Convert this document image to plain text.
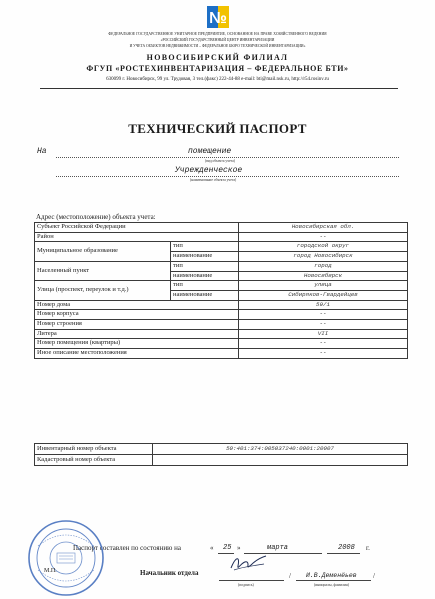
№
ФЕДЕРАЛЬНОЕ ГОСУДАРСТВЕННОЕ УНИТАРНОЕ ПРЕДПРИЯТИЕ, ОСНОВАННОЕ НА ПРАВЕ ХОЗЯЙСТВЕННОГО ВЕДЕНИЯ
«РОССИЙСКИЙ ГОСУДАРСТВЕННЫЙ ЦЕНТР ИНВЕНТАРИЗАЦИИ
И УЧЕТА ОБЪЕКТОВ НЕДВИЖИМОСТИ – ФЕДЕРАЛЬНОЕ БЮРО ТЕХНИЧЕСКОЙ ИНВЕНТАРИЗАЦИИ»
НОВОСИБИРСКИЙ ФИЛИАЛ
ФГУП «РОСТЕХИНВЕНТАРИЗАЦИЯ – ФЕДЕРАЛЬНОЕ БТИ»
630099 г. Новосибирск, 99 ул. Трудовая, 3 тел.(факс) 222-44-88 e-mail: bti@mail.nsk.ru, http://r54.rosinv.ru
ТЕХНИЧЕСКИЙ ПАСПОРТ
На	помещение
(вид объекта учета)
Учрежденческое
(наименование объекта учета)
Адрес (местоположение) объекта учета:
Субъект Российской Федерации		Новосибирская обл.
Район		--
Муниципальное образование	тип	городской округ
	наименование	город Новосибирск
Населенный пункт	тип	город
	наименование	Новосибирск
Улица (проспект, переулок и т.д.)	тип	улица
	наименование	Сибиряков-Гвардейцев
Номер дома		59/1
Номер корпуса		--
Номер строения		--
Литера		VII
Номер помещения (квартиры)		--
Иное описание местоположения		--
Инвентарный номер объекта	50:401:374:005037240:0001:20007
Кадастровый номер объекта	
Паспорт составлен по состоянию на	« 25 »	марта	2008 г.
М.П.	Начальник отдела
(подпись)
/ И.В.Деменёьев /
(инициалы, фамилия)
